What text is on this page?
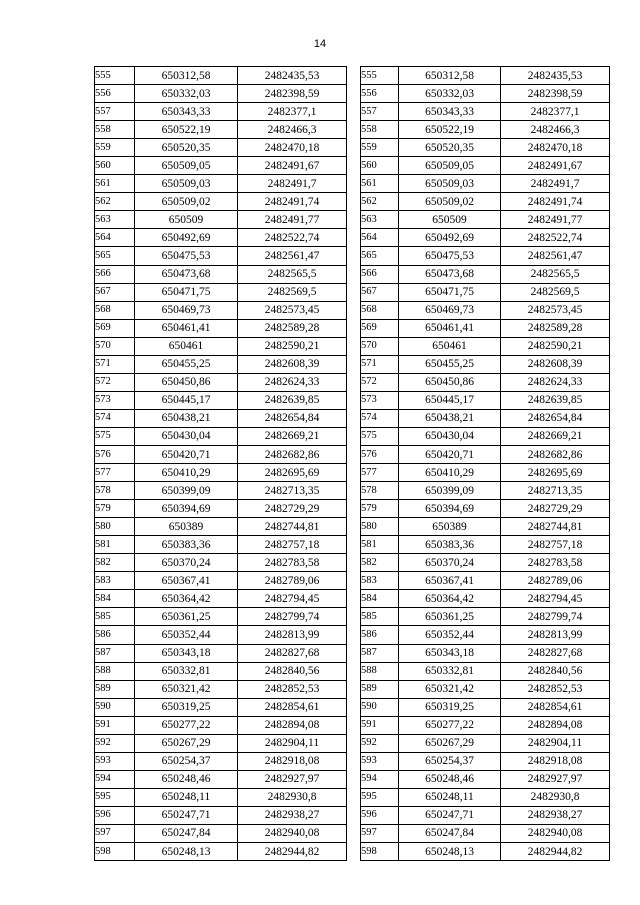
14
555	650312,58	2482435,53
556	650332,03	2482398,59
557	650343,33	2482377,1
558	650522,19	2482466,3
559	650520,35	2482470,18
560	650509,05	2482491,67
561	650509,03	2482491,7
562	650509,02	2482491,74
563	650509	2482491,77
564	650492,69	2482522,74
565	650475,53	2482561,47
566	650473,68	2482565,5
567	650471,75	2482569,5
568	650469,73	2482573,45
569	650461,41	2482589,28
570	650461	2482590,21
571	650455,25	2482608,39
572	650450,86	2482624,33
573	650445,17	2482639,85
574	650438,21	2482654,84
575	650430,04	2482669,21
576	650420,71	2482682,86
577	650410,29	2482695,69
578	650399,09	2482713,35
579	650394,69	2482729,29
580	650389	2482744,81
581	650383,36	2482757,18
582	650370,24	2482783,58
583	650367,41	2482789,06
584	650364,42	2482794,45
585	650361,25	2482799,74
586	650352,44	2482813,99
587	650343,18	2482827,68
588	650332,81	2482840,56
589	650321,42	2482852,53
590	650319,25	2482854,61
591	650277,22	2482894,08
592	650267,29	2482904,11
593	650254,37	2482918,08
594	650248,46	2482927,97
595	650248,11	2482930,8
596	650247,71	2482938,27
597	650247,84	2482940,08
598	650248,13	2482944,82
555	650312,58	2482435,53
556	650332,03	2482398,59
557	650343,33	2482377,1
558	650522,19	2482466,3
559	650520,35	2482470,18
560	650509,05	2482491,67
561	650509,03	2482491,7
562	650509,02	2482491,74
563	650509	2482491,77
564	650492,69	2482522,74
565	650475,53	2482561,47
566	650473,68	2482565,5
567	650471,75	2482569,5
568	650469,73	2482573,45
569	650461,41	2482589,28
570	650461	2482590,21
571	650455,25	2482608,39
572	650450,86	2482624,33
573	650445,17	2482639,85
574	650438,21	2482654,84
575	650430,04	2482669,21
576	650420,71	2482682,86
577	650410,29	2482695,69
578	650399,09	2482713,35
579	650394,69	2482729,29
580	650389	2482744,81
581	650383,36	2482757,18
582	650370,24	2482783,58
583	650367,41	2482789,06
584	650364,42	2482794,45
585	650361,25	2482799,74
586	650352,44	2482813,99
587	650343,18	2482827,68
588	650332,81	2482840,56
589	650321,42	2482852,53
590	650319,25	2482854,61
591	650277,22	2482894,08
592	650267,29	2482904,11
593	650254,37	2482918,08
594	650248,46	2482927,97
595	650248,11	2482930,8
596	650247,71	2482938,27
597	650247,84	2482940,08
598	650248,13	2482944,82
